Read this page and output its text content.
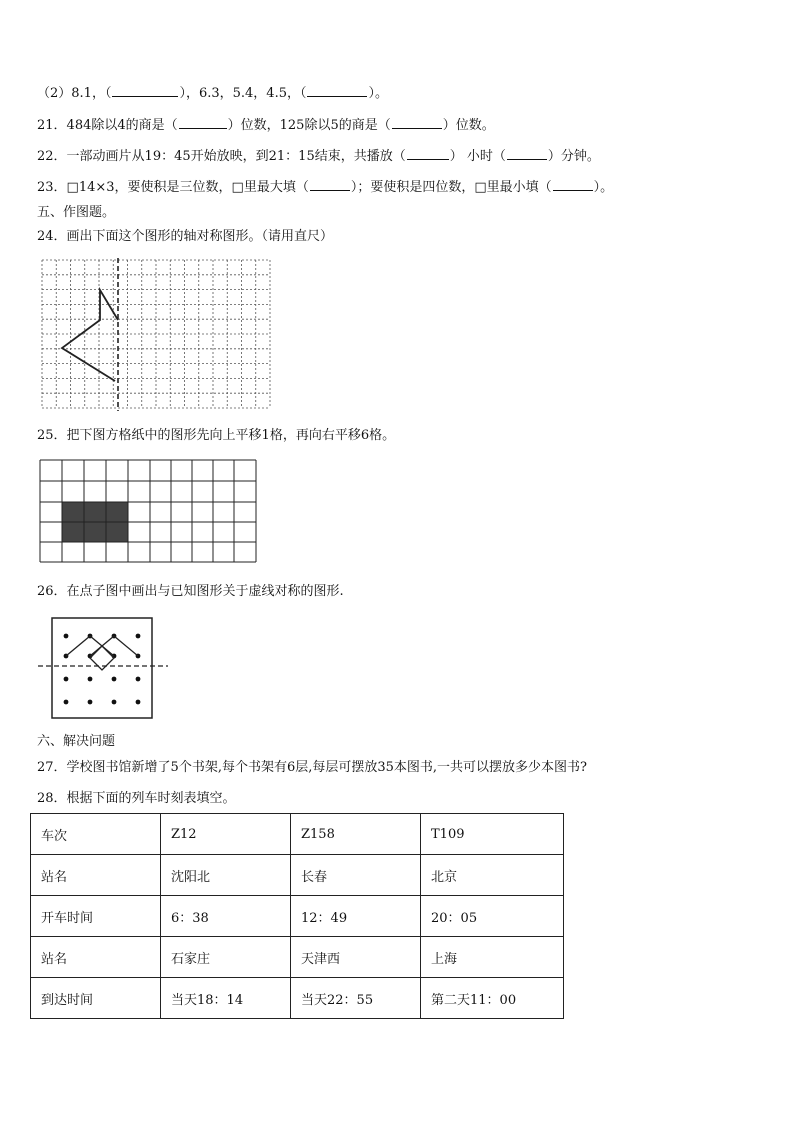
（2）8.1，（	），6.3，5.4，4.5，（	）。
21．484除以4的商是（	）位数，125除以5的商是（	）位数。
22．一部动画片从19：45开始放映，到21：15结束，共播放（	） 小时（	）分钟。
23．□14×3，要使积是三位数，□里最大填（	）；要使积是四位数，□里最小填（	）。
五、作图题。
24．画出下面这个图形的轴对称图形。（请用直尺）
25．把下图方格纸中的图形先向上平移1格，再向右平移6格。
26．在点子图中画出与已知图形关于虚线对称的图形.
六、解决问题
27．学校图书馆新增了5个书架,每个书架有6层,每层可摆放35本图书,一共可以摆放多少本图书?
28．根据下面的列车时刻表填空。
车次	Z12	Z158	T109
站名	沈阳北	长春	北京
开车时间	6：38	12：49	20：05
站名	石家庄	天津西	上海
到达时间	当天18：14	当天22：55	第二天11：00
